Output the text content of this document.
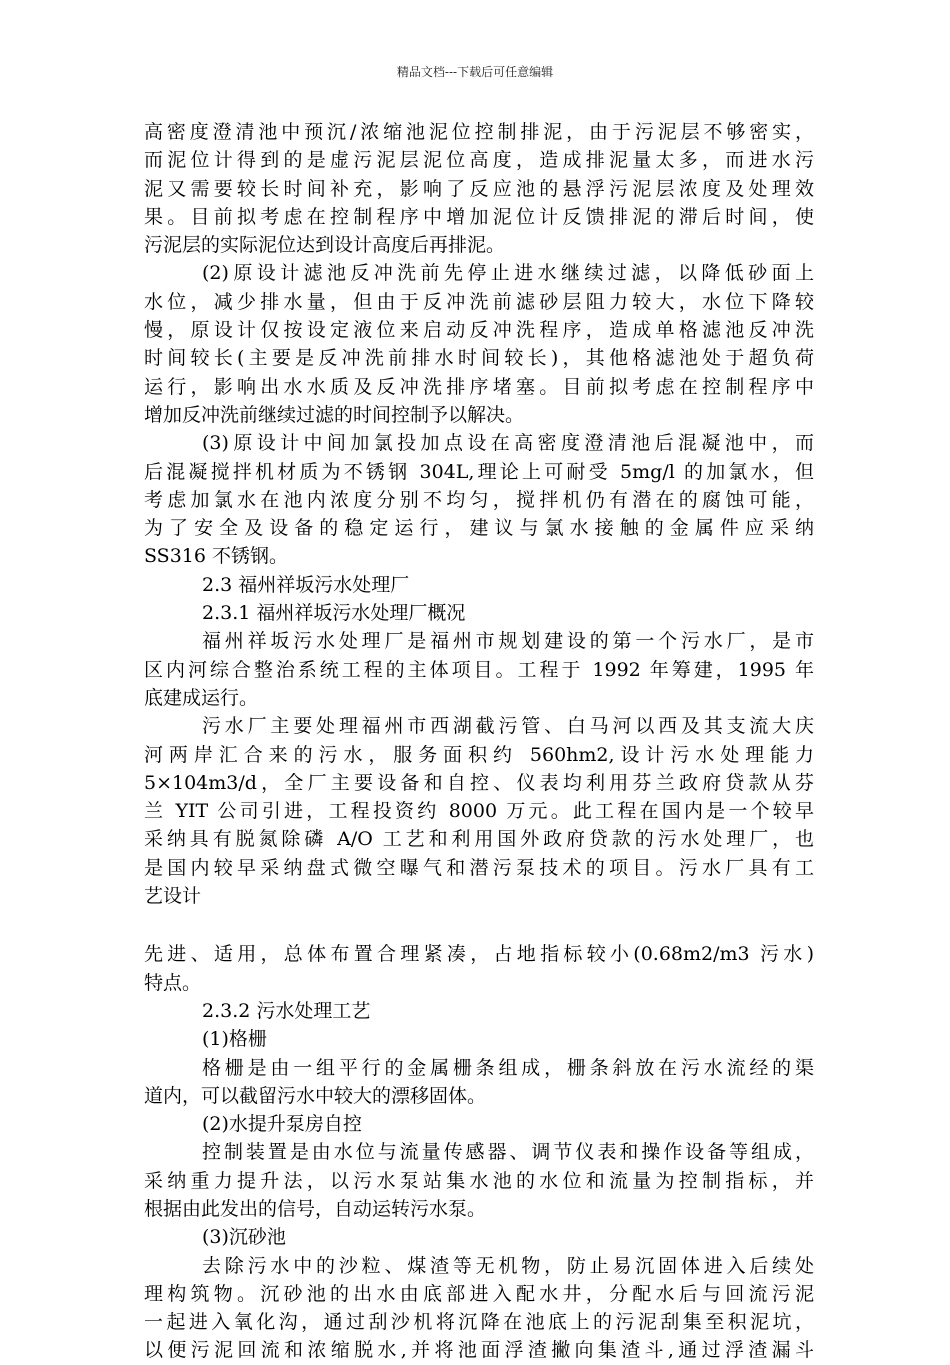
精品文档---下载后可任意编辑
高密度澄清池中预沉/浓缩池泥位控制排泥，由于污泥层不够密实，
而泥位计得到的是虚污泥层泥位高度，造成排泥量太多，而进水污
泥又需要较长时间补充，影响了反应池的悬浮污泥层浓度及处理效
果。目前拟考虑在控制程序中增加泥位计反馈排泥的滞后时间，使
污泥层的实际泥位达到设计高度后再排泥。
(2)原设计滤池反冲洗前先停止进水继续过滤，以降低砂面上
水位，减少排水量，但由于反冲洗前滤砂层阻力较大，水位下降较
慢，原设计仅按设定液位来启动反冲洗程序，造成单格滤池反冲洗
时间较长(主要是反冲洗前排水时间较长)，其他格滤池处于超负荷
运行，影响出水水质及反冲洗排序堵塞。目前拟考虑在控制程序中
增加反冲洗前继续过滤的时间控制予以解决。
(3)原设计中间加氯投加点设在高密度澄清池后混凝池中，而
后混凝搅拌机材质为不锈钢 304L,理论上可耐受 5mg/l 的加氯水，但
考虑加氯水在池内浓度分别不均匀，搅拌机仍有潜在的腐蚀可能，
为了安全及设备的稳定运行，建议与氯水接触的金属件应采纳
SS316 不锈钢。
2.3 福州祥坂污水处理厂
2.3.1 福州祥坂污水处理厂概况
福州祥坂污水处理厂是福州市规划建设的第一个污水厂，是市
区内河综合整治系统工程的主体项目。工程于 1992 年筹建，1995 年
底建成运行。
污水厂主要处理福州市西湖截污管、白马河以西及其支流大庆
河两岸汇合来的污水，服务面积约 560hm2,设计污水处理能力
5×104m3/d，全厂主要设备和自控、仪表均利用芬兰政府贷款从芬
兰 YIT 公司引进，工程投资约 8000 万元。此工程在国内是一个较早
采纳具有脱氮除磷 A/O 工艺和利用国外政府贷款的污水处理厂，也
是国内较早采纳盘式微空曝气和潜污泵技术的项目。污水厂具有工
艺设计
先进、适用，总体布置合理紧凑，占地指标较小(0.68m2/m3 污水)
特点。
2.3.2 污水处理工艺
(1)格栅
格栅是由一组平行的金属栅条组成，栅条斜放在污水流经的渠
道内，可以截留污水中较大的漂移固体。
(2)水提升泵房自控
控制装置是由水位与流量传感器、调节仪表和操作设备等组成，
采纳重力提升法，以污水泵站集水池的水位和流量为控制指标，并
根据由此发出的信号，自动运转污水泵。
(3)沉砂池
去除污水中的沙粒、煤渣等无机物，防止易沉固体进入后续处
理构筑物。沉砂池的出水由底部进入配水井，分配水后与回流污泥
一起进入氧化沟，通过刮沙机将沉降在池底上的污泥刮集至积泥坑，
以便污泥回流和浓缩脱水,并将池面浮渣撇向集渣斗,通过浮渣漏斗
